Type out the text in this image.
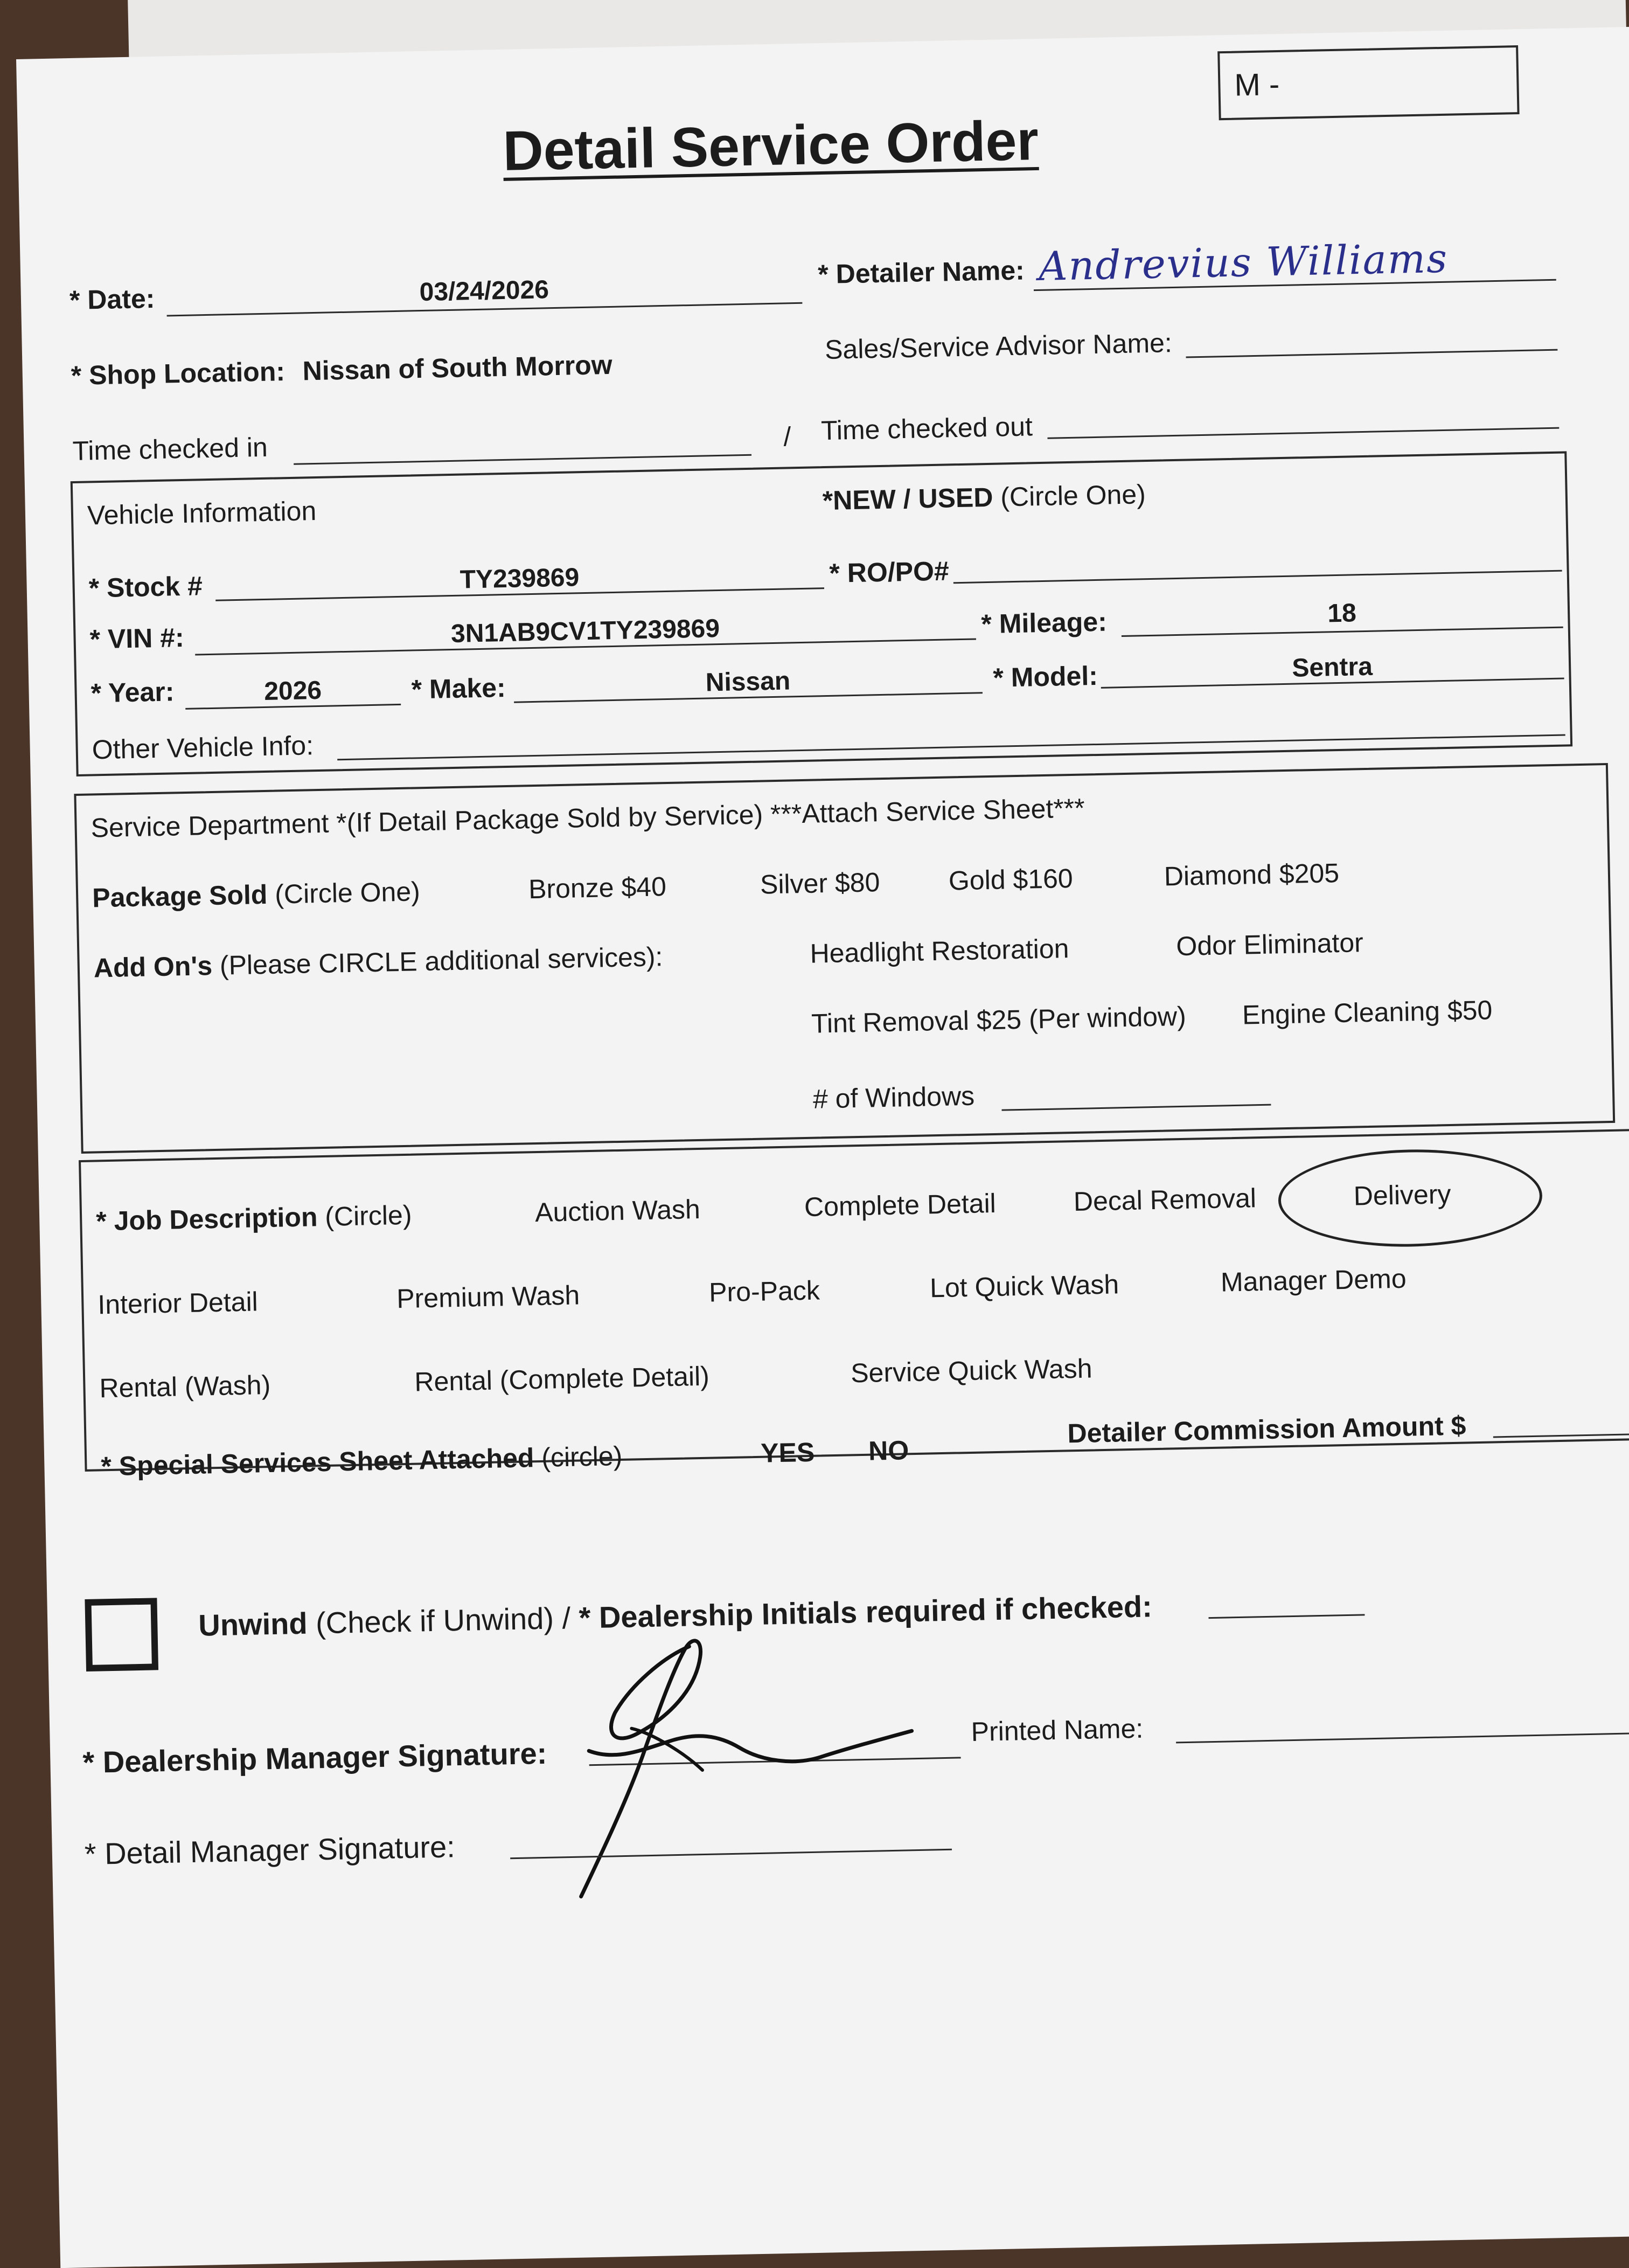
M -
Detail Service Order
* Date:	03/24/2026
* Detailer Name: Andrevius Williams
* Shop Location: Nissan of South Morrow
Sales/Service Advisor Name:
Time checked in	/ Time checked out
Vehicle Information	*NEW / USED (Circle One)
* Stock #	TY239869	* RO/PO#
* VIN #:	3N1AB9CV1TY239869	* Mileage:	18
* Year:	2026	* Make:	Nissan	* Model:	Sentra
Other Vehicle Info:
Service Department *(If Detail Package Sold by Service) ***Attach Service Sheet***
Package Sold (Circle One)	Bronze $40	Silver $80	Gold $160	Diamond $205
Add On's (Please CIRCLE additional services):	Headlight Restoration	Odor Eliminator
Tint Removal $25 (Per window) Engine Cleaning $50
# of Windows
* Job Description (Circle)	Auction Wash	Complete Detail	Decal Removal	Delivery
Interior Detail	Premium Wash	Pro-Pack	Lot Quick Wash	Manager Demo
Rental (Wash)	Rental (Complete Detail)	Service Quick Wash
* Special Services Sheet Attached (circle)	YES NO
Detailer Commission Amount $
Unwind (Check if Unwind) / * Dealership Initials required if checked:
* Dealership Manager Signature:
Printed Name:
* Detail Manager Signature:
